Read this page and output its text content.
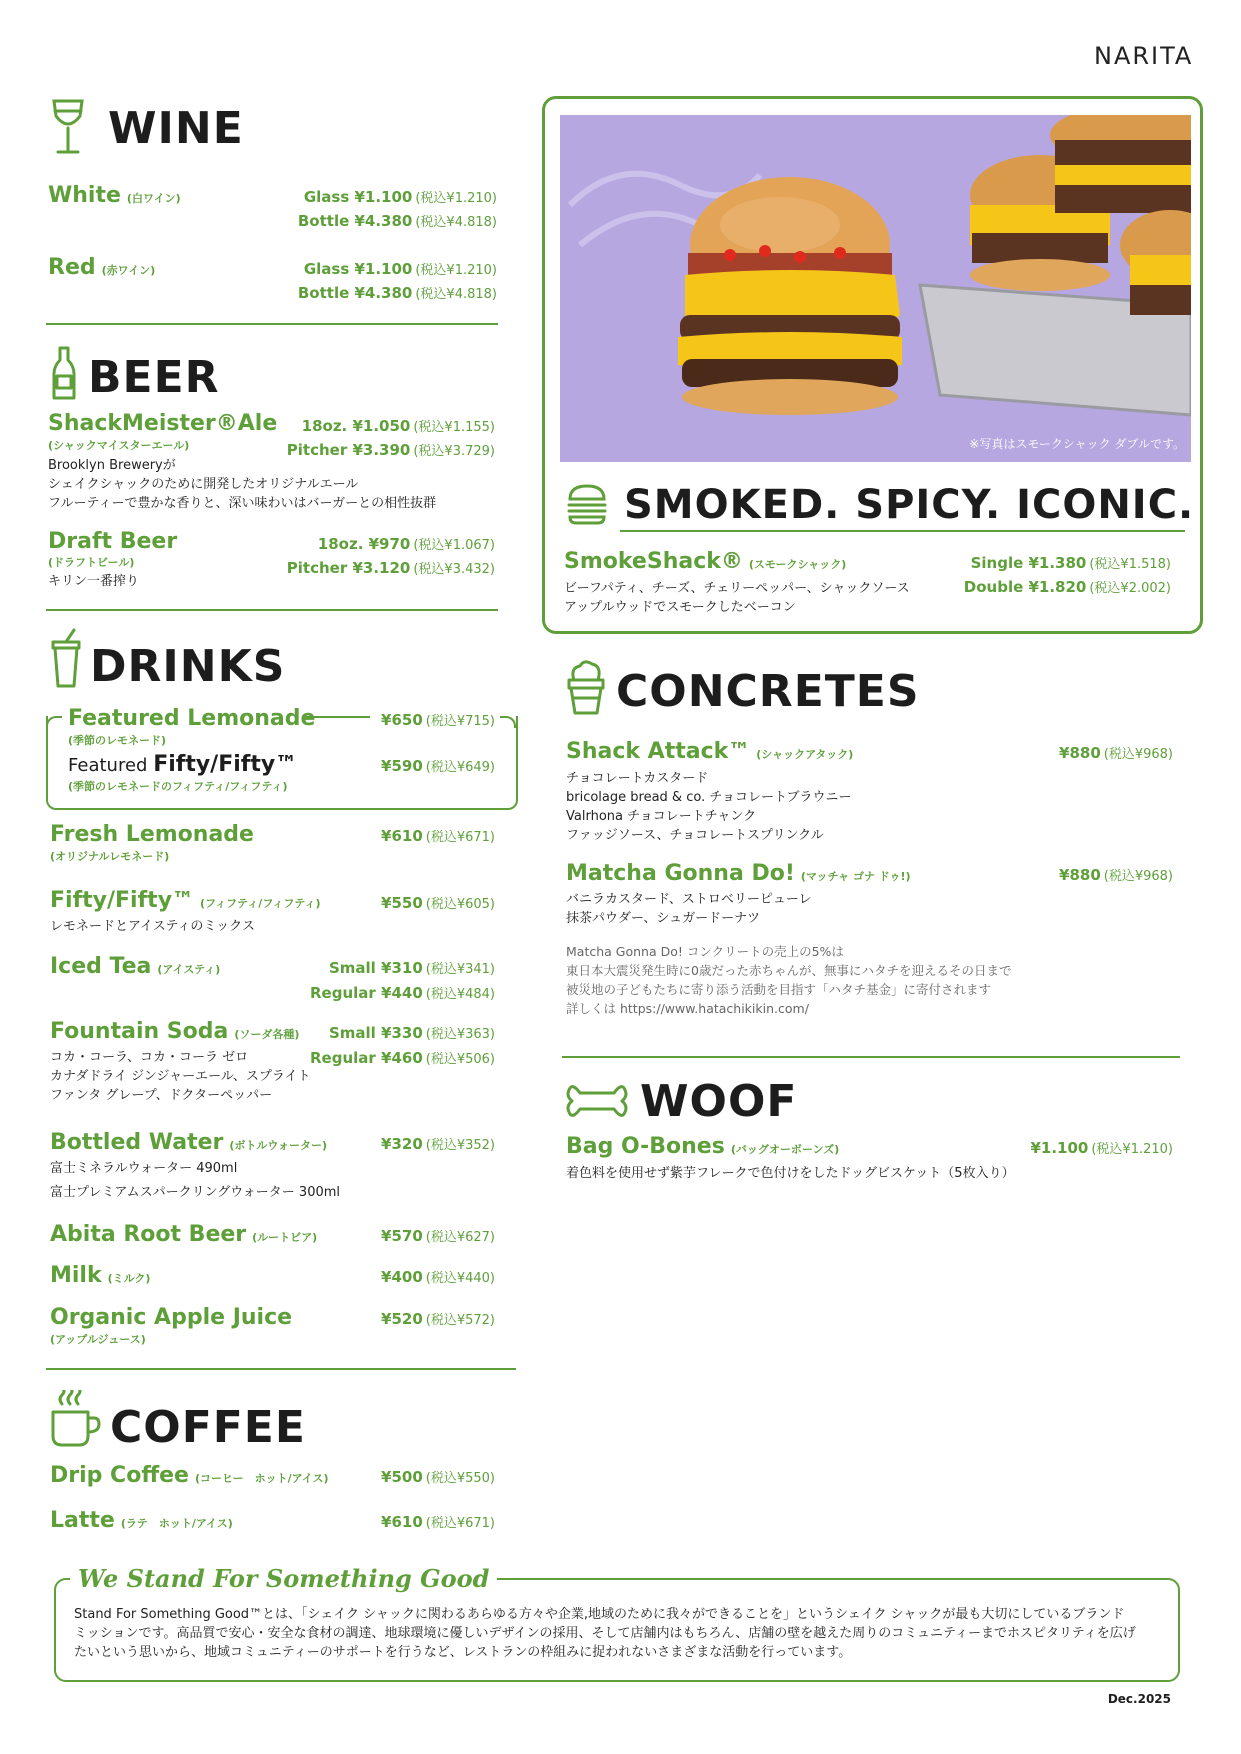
NARITA
WINE
White (白ワイン)	Glass ¥1.100 (税込¥1.210)
Bottle ¥4.380 (税込¥4.818)
Red (赤ワイン)	Glass ¥1.100 (税込¥1.210)
Bottle ¥4.380 (税込¥4.818)
BEER
ShackMeister®Ale
(シャックマイスターエール)
Brooklyn Breweryが
シェイクシャックのために開発したオリジナルエール
フルーティーで豊かな香りと、深い味わいはバーガーとの相性抜群
18oz. ¥1.050 (税込¥1.155)
Pitcher ¥3.390 (税込¥3.729)
Draft Beer
(ドラフトビール)
キリン一番搾り
18oz. ¥970 (税込¥1.067)
Pitcher ¥3.120 (税込¥3.432)
DRINKS
Featured Lemonade
(季節のレモネード)
¥650 (税込¥715)
Featured Fifty/Fifty™
(季節のレモネードのフィフティ/フィフティ)
¥590 (税込¥649)
Fresh Lemonade
(オリジナルレモネード)
¥610 (税込¥671)
Fifty/Fifty™ (フィフティ/フィフティ)
レモネードとアイスティのミックス
¥550 (税込¥605)
Iced Tea (アイスティ)	Small ¥310 (税込¥341)
Regular ¥440 (税込¥484)
Fountain Soda (ソーダ各種)
コカ・コーラ、コカ・コーラ ゼロ
カナダドライ ジンジャーエール、スプライト
ファンタ グレープ、ドクターペッパー
Small ¥330 (税込¥363)
Regular ¥460 (税込¥506)
Bottled Water (ボトルウォーター)
富士ミネラルウォーター 490ml
富士プレミアムスパークリングウォーター 300ml
¥320 (税込¥352)
Abita Root Beer (ルートビア)	¥570 (税込¥627)
Milk (ミルク)	¥400 (税込¥440)
Organic Apple Juice
(アップルジュース)
¥520 (税込¥572)
COFFEE
Drip Coffee (コーヒー　ホット/アイス)	¥500 (税込¥550)
Latte (ラテ　ホット/アイス)	¥610 (税込¥671)
※写真はスモークシャック ダブルです。
SMOKED. SPICY. ICONIC.
SmokeShack® (スモークシャック)
ビーフパティ、チーズ、チェリーペッパー、シャックソース
アップルウッドでスモークしたベーコン
Single ¥1.380 (税込¥1.518)
Double ¥1.820 (税込¥2.002)
CONCRETES
Shack Attack™ (シャックアタック)
チョコレートカスタード
bricolage bread & co. チョコレートブラウニー
Valrhona チョコレートチャンク
ファッジソース、チョコレートスプリンクル
¥880 (税込¥968)
Matcha Gonna Do! (マッチャ ゴナ ドゥ!)
バニラカスタード、ストロベリーピューレ
抹茶パウダー、シュガードーナツ
¥880 (税込¥968)
Matcha Gonna Do! コンクリートの売上の5%は
東日本大震災発生時に0歳だった赤ちゃんが、無事にハタチを迎えるその日まで
被災地の子どもたちに寄り添う活動を目指す「ハタチ基金」に寄付されます
詳しくは https://www.hatachikikin.com/
WOOF
Bag O-Bones (バッグオーボーンズ)
着色料を使用せず紫芋フレークで色付けをしたドッグビスケット（5枚入り）
¥1.100 (税込¥1.210)
We Stand For Something Good
Stand For Something Good™とは、「シェイク シャックに関わるあらゆる方々や企業,地域のために我々ができることを」というシェイク シャックが最も大切にしているブランド
ミッションです。高品質で安心・安全な食材の調達、地球環境に優しいデザインの採用、そして店舗内はもちろん、店舗の壁を越えた周りのコミュニティーまでホスピタリティを広げ
たいという思いから、地域コミュニティーのサポートを行うなど、レストランの枠組みに捉われないさまざまな活動を行っています。
Dec.2025
